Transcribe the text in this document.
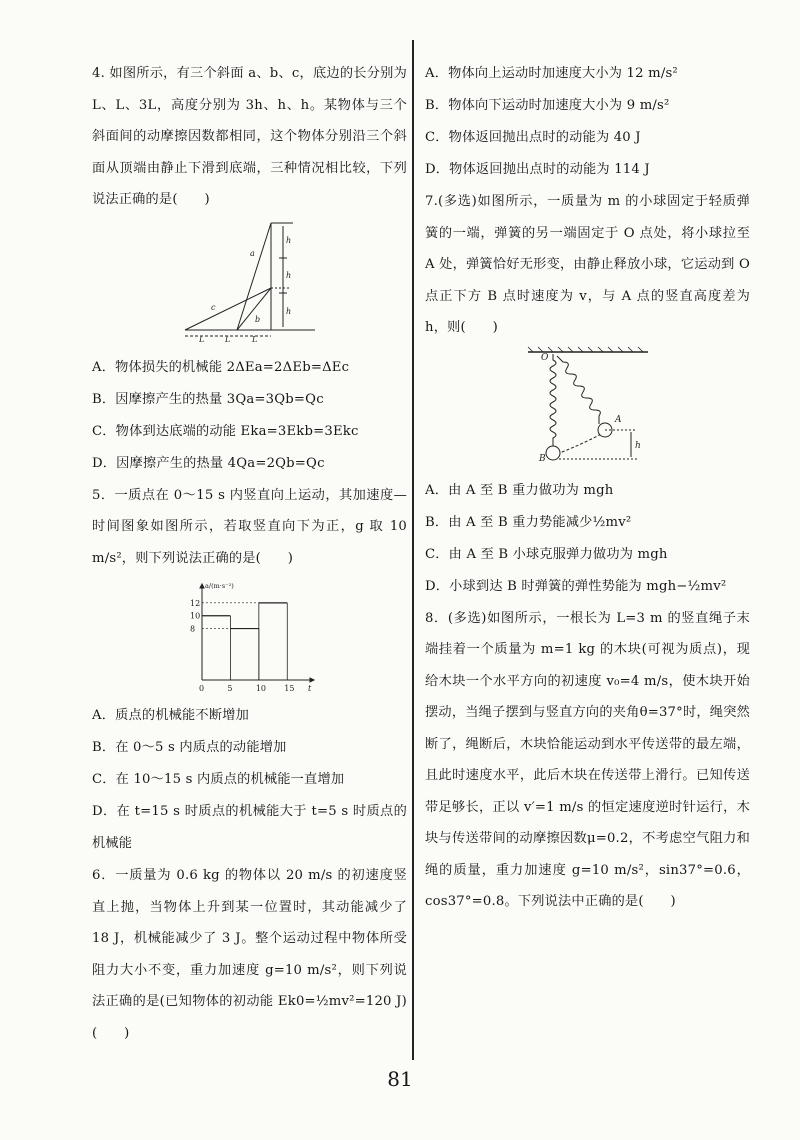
4. 如图所示，有三个斜面 a、b、c，底边的长分别为 L、L、3L，高度分别为 3h、h、h。某物体与三个斜面间的动摩擦因数都相同，这个物体分别沿三个斜面从顶端由静止下滑到底端，三种情况相比较，下列说法正确的是(　　)

a
b
c
h
h
h
L	L	L

A．物体损失的机械能 2ΔEa=2ΔEb=ΔEc

B．因摩擦产生的热量 3Qa=3Qb=Qc

C．物体到达底端的动能 Eka=3Ekb=3Ekc

D．因摩擦产生的热量 4Qa=2Qb=Qc

5．一质点在 0～15 s 内竖直向上运动，其加速度—时间图象如图所示，若取竖直向下为正，g 取 10 m/s²，则下列说法正确的是(　　)

0	5	10 15
8
10
12
a/(m·s⁻²)
t

A．质点的机械能不断增加

B．在 0～5 s 内质点的动能增加

C．在 10～15 s 内质点的机械能一直增加

D．在 t=15 s 时质点的机械能大于 t=5 s 时质点的机械能

6．一质量为 0.6 kg 的物体以 20 m/s 的初速度竖直上抛，当物体上升到某一位置时，其动能减少了 18 J，机械能减少了 3 J。整个运动过程中物体所受阻力大小不变，重力加速度 g=10 m/s²，则下列说法正确的是(已知物体的初动能 Ek0=½mv²=120 J)(　　)

A．物体向上运动时加速度大小为 12 m/s²

B．物体向下运动时加速度大小为 9 m/s²

C．物体返回抛出点时的动能为 40 J

D．物体返回抛出点时的动能为 114 J

7.(多选)如图所示，一质量为 m 的小球固定于轻质弹簧的一端，弹簧的另一端固定于 O 点处，将小球拉至 A 处，弹簧恰好无形变，由静止释放小球，它运动到 O 点正下方 B 点时速度为 v，与 A 点的竖直高度差为 h，则(　　)

O
A
B
h

A．由 A 至 B 重力做功为 mgh

B．由 A 至 B 重力势能减少½mv²

C．由 A 至 B 小球克服弹力做功为 mgh

D．小球到达 B 时弹簧的弹性势能为 mgh−½mv²

8．(多选)如图所示，一根长为 L=3 m 的竖直绳子末端挂着一个质量为 m=1 kg 的木块(可视为质点)，现给木块一个水平方向的初速度 v₀=4 m/s，使木块开始摆动，当绳子摆到与竖直方向的夹角θ=37°时，绳突然断了，绳断后，木块恰能运动到水平传送带的最左端，且此时速度水平，此后木块在传送带上滑行。已知传送带足够长，正以 v′=1 m/s 的恒定速度逆时针运行，木块与传送带间的动摩擦因数μ=0.2，不考虑空气阻力和绳的质量，重力加速度 g=10 m/s²，sin37°=0.6，cos37°=0.8。下列说法中正确的是(　　)

81
